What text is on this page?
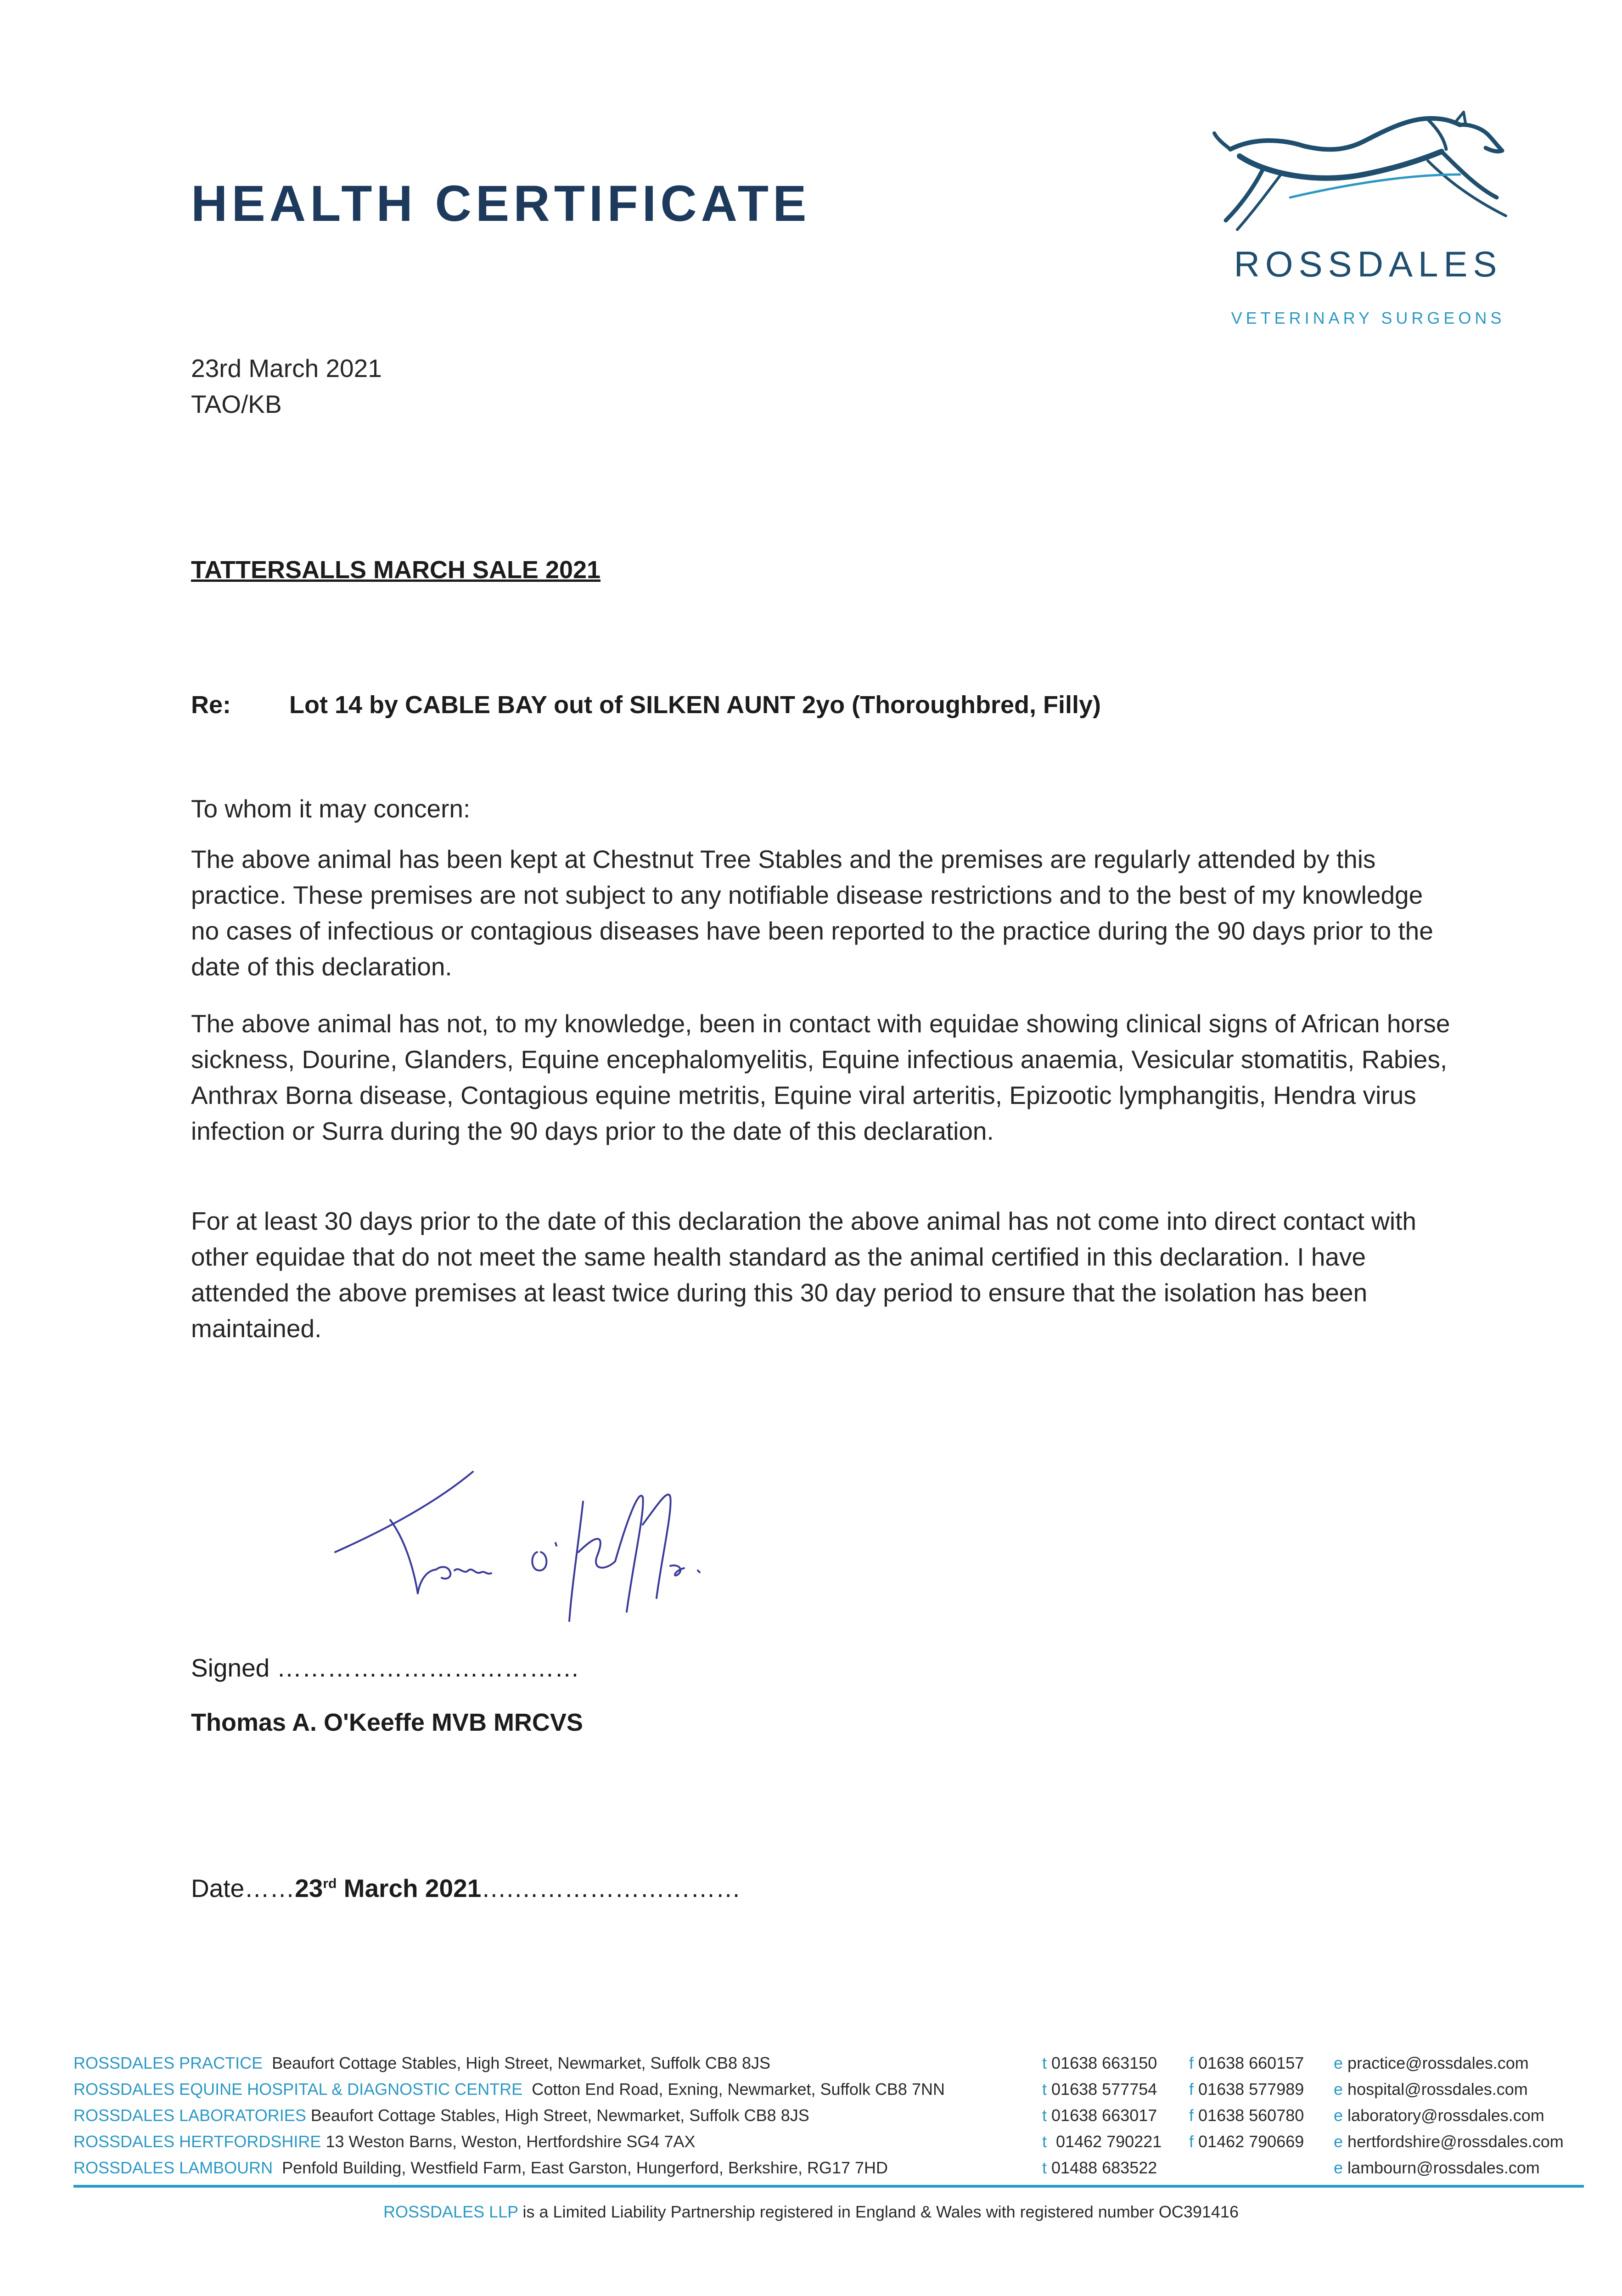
HEALTH CERTIFICATE
ROSSDALES
VETERINARY SURGEONS
23rd March 2021
TAO/KB
TATTERSALLS MARCH SALE 2021
Re: Lot 14 by CABLE BAY out of SILKEN AUNT 2yo (Thoroughbred, Filly)
To whom it may concern:
The above animal has been kept at Chestnut Tree Stables and the premises are regularly attended by this practice. These premises are not subject to any notifiable disease restrictions and to the best of my knowledge no cases of infectious or contagious diseases have been reported to the practice during the 90 days prior to the date of this declaration.
The above animal has not, to my knowledge, been in contact with equidae showing clinical signs of African horse sickness, Dourine, Glanders, Equine encephalomyelitis, Equine infectious anaemia, Vesicular stomatitis, Rabies, Anthrax Borna disease, Contagious equine metritis, Equine viral arteritis, Epizootic lymphangitis, Hendra virus infection or Surra during the 90 days prior to the date of this declaration.
For at least 30 days prior to the date of this declaration the above animal has not come into direct contact with other equidae that do not meet the same health standard as the animal certified in this declaration. I have attended the above premises at least twice during this 30 day period to ensure that the isolation has been maintained.
Signed ………………………………
Thomas A. O'Keeffe MVB MRCVS
Date……23rd March 2021….………………………
ROSSDALES PRACTICE Beaufort Cottage Stables, High Street, Newmarket, Suffolk CB8 8JS	t 01638 663150 f 01638 660157 e practice@rossdales.com
ROSSDALES EQUINE HOSPITAL & DIAGNOSTIC CENTRE Cotton End Road, Exning, Newmarket, Suffolk CB8 7NN	t 01638 577754 f 01638 577989 e hospital@rossdales.com
ROSSDALES LABORATORIES Beaufort Cottage Stables, High Street, Newmarket, Suffolk CB8 8JS	t 01638 663017 f 01638 560780 e laboratory@rossdales.com
ROSSDALES HERTFORDSHIRE 13 Weston Barns, Weston, Hertfordshire SG4 7AX	t 01462 790221 f 01462 790669 e hertfordshire@rossdales.com
ROSSDALES LAMBOURN Penfold Building, Westfield Farm, East Garston, Hungerford, Berkshire, RG17 7HD	t 01488 683522	e lambourn@rossdales.com
ROSSDALES LLP is a Limited Liability Partnership registered in England & Wales with registered number OC391416
